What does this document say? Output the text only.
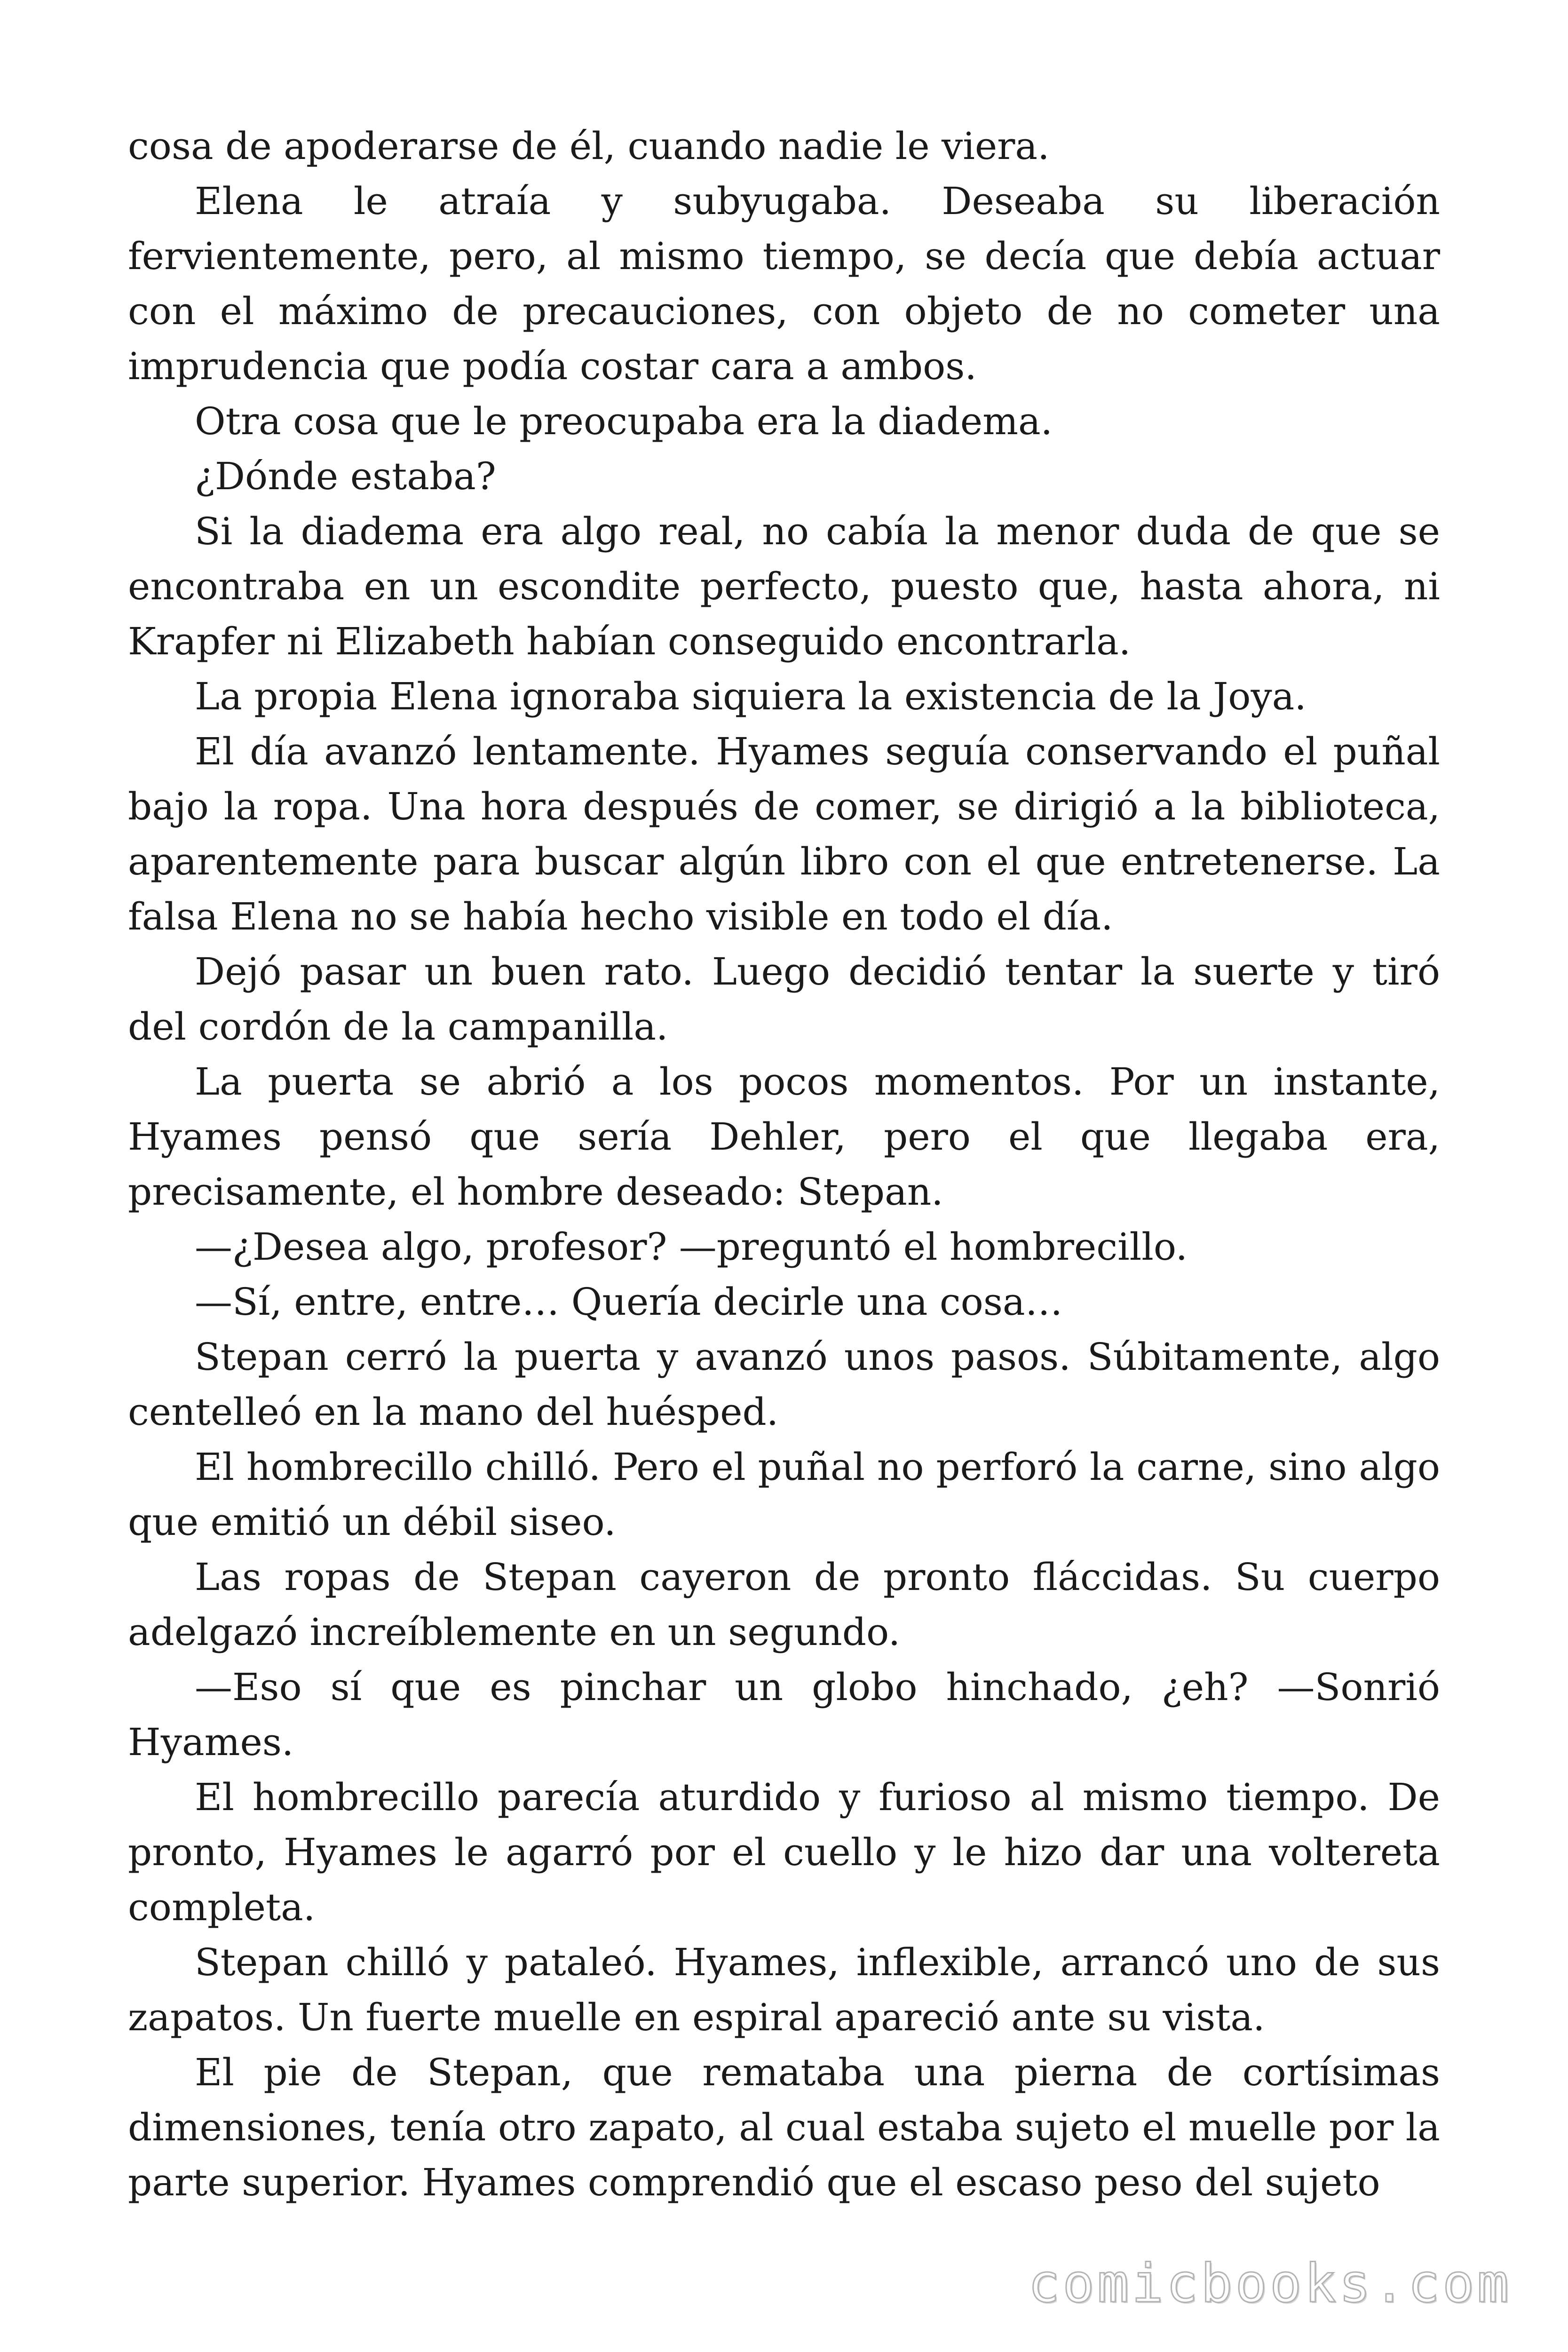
cosa de apoderarse de él, cuando nadie le viera.

Elena le atraía y subyugaba. Deseaba su liberación fervientemente, pero, al mismo tiempo, se decía que debía actuar con el máximo de precauciones, con objeto de no cometer una imprudencia que podía costar cara a ambos.

Otra cosa que le preocupaba era la diadema.

¿Dónde estaba?

Si la diadema era algo real, no cabía la menor duda de que se encontraba en un escondite perfecto, puesto que, hasta ahora, ni Krapfer ni Elizabeth habían conseguido encontrarla.

La propia Elena ignoraba siquiera la existencia de la Joya.

El día avanzó lentamente. Hyames seguía conservando el puñal bajo la ropa. Una hora después de comer, se dirigió a la biblioteca, aparentemente para buscar algún libro con el que entretenerse. La falsa Elena no se había hecho visible en todo el día.

Dejó pasar un buen rato. Luego decidió tentar la suerte y tiró del cordón de la campanilla.

La puerta se abrió a los pocos momentos. Por un instante, Hyames pensó que sería Dehler, pero el que llegaba era, precisamente, el hombre deseado: Stepan.

—¿Desea algo, profesor? —preguntó el hombrecillo.

—Sí, entre, entre… Quería decirle una cosa…

Stepan cerró la puerta y avanzó unos pasos. Súbitamente, algo centelleó en la mano del huésped.

El hombrecillo chilló. Pero el puñal no perforó la carne, sino algo que emitió un débil siseo.

Las ropas de Stepan cayeron de pronto fláccidas. Su cuerpo adelgazó increíblemente en un segundo.

—Eso sí que es pinchar un globo hinchado, ¿eh? —Sonrió Hyames.

El hombrecillo parecía aturdido y furioso al mismo tiempo. De pronto, Hyames le agarró por el cuello y le hizo dar una voltereta completa.

Stepan chilló y pataleó. Hyames, inflexible, arrancó uno de sus zapatos. Un fuerte muelle en espiral apareció ante su vista.

El pie de Stepan, que remataba una pierna de cortísimas dimensiones, tenía otro zapato, al cual estaba sujeto el muelle por la parte superior. Hyames comprendió que el escaso peso del sujeto

comicbooks.com
